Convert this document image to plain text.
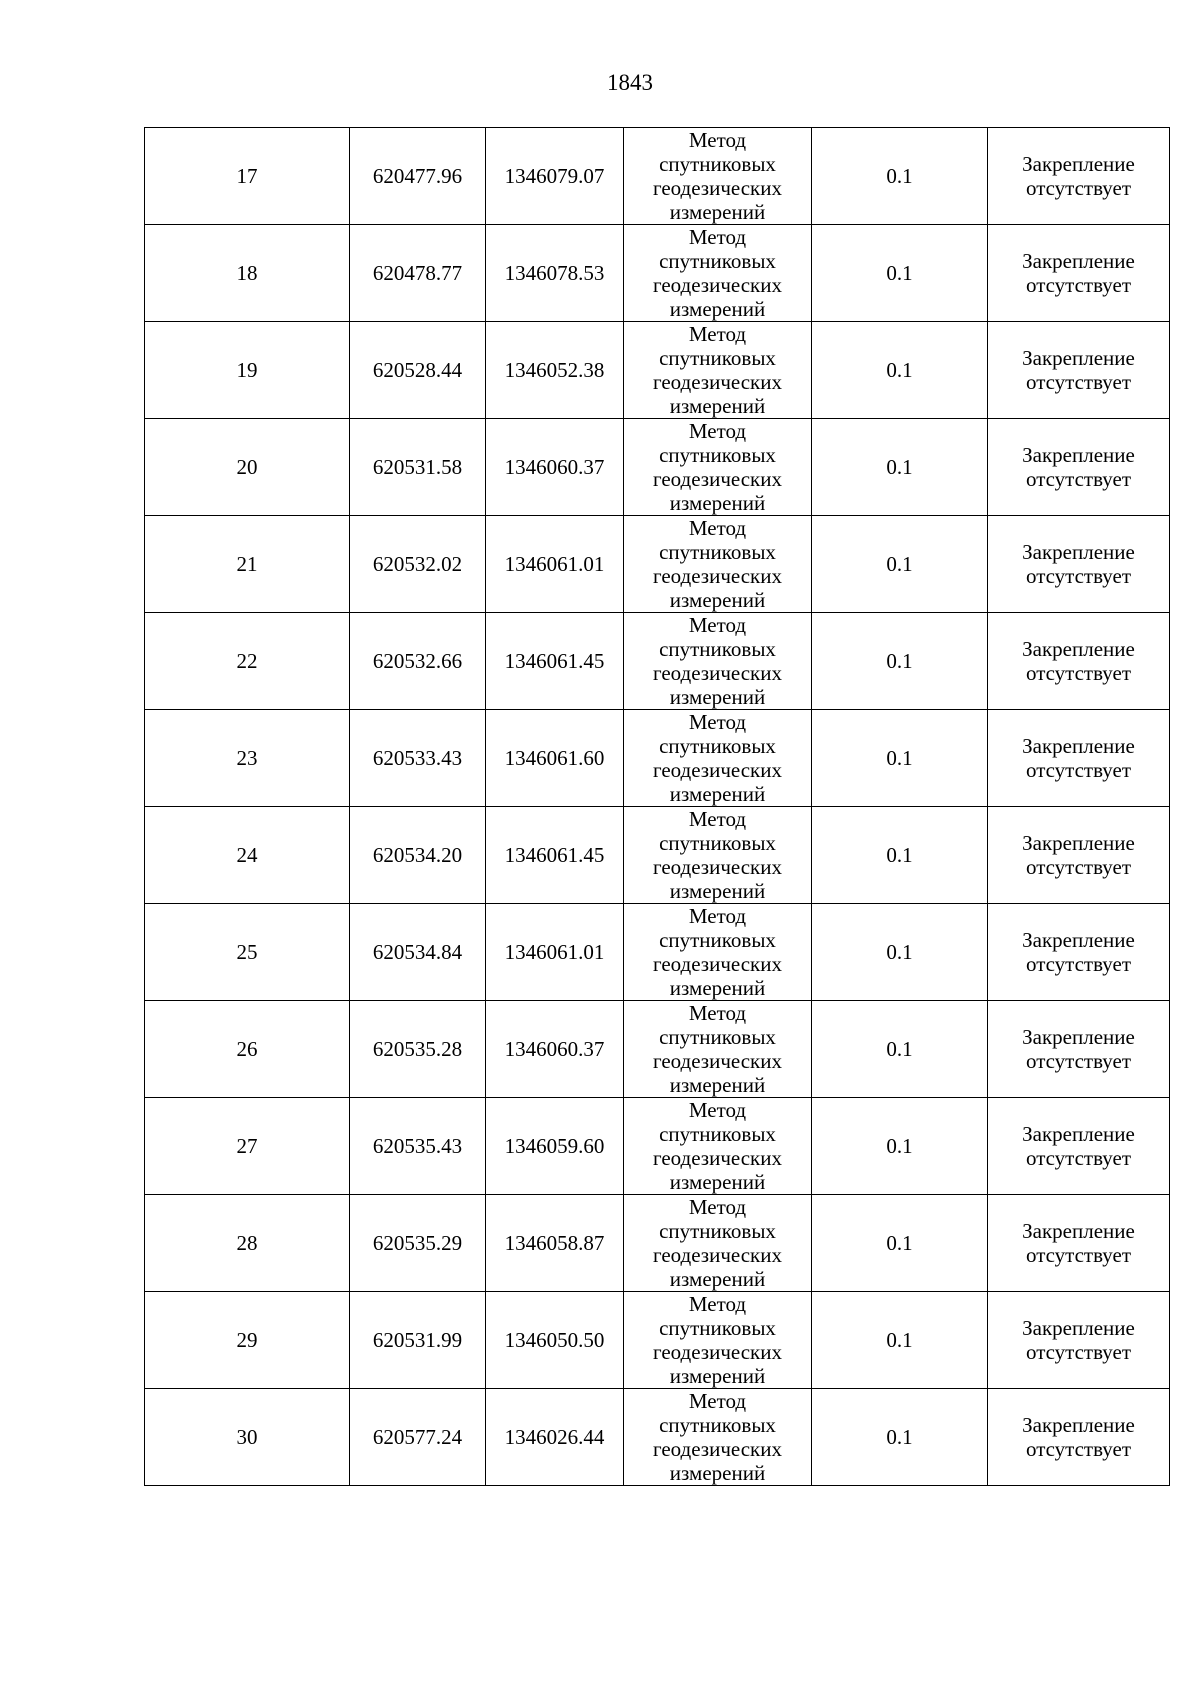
1843
17	620477.96	1346079.07	Метод
спутниковых
геодезических
измерений	0.1	Закрепление
отсутствует

18	620478.77	1346078.53	Метод
спутниковых
геодезических
измерений	0.1	Закрепление
отсутствует

19	620528.44	1346052.38	Метод
спутниковых
геодезических
измерений	0.1	Закрепление
отсутствует

20	620531.58	1346060.37	Метод
спутниковых
геодезических
измерений	0.1	Закрепление
отсутствует

21	620532.02	1346061.01	Метод
спутниковых
геодезических
измерений	0.1	Закрепление
отсутствует

22	620532.66	1346061.45	Метод
спутниковых
геодезических
измерений	0.1	Закрепление
отсутствует

23	620533.43	1346061.60	Метод
спутниковых
геодезических
измерений	0.1	Закрепление
отсутствует

24	620534.20	1346061.45	Метод
спутниковых
геодезических
измерений	0.1	Закрепление
отсутствует

25	620534.84	1346061.01	Метод
спутниковых
геодезических
измерений	0.1	Закрепление
отсутствует

26	620535.28	1346060.37	Метод
спутниковых
геодезических
измерений	0.1	Закрепление
отсутствует

27	620535.43	1346059.60	Метод
спутниковых
геодезических
измерений	0.1	Закрепление
отсутствует

28	620535.29	1346058.87	Метод
спутниковых
геодезических
измерений	0.1	Закрепление
отсутствует

29	620531.99	1346050.50	Метод
спутниковых
геодезических
измерений	0.1	Закрепление
отсутствует

30	620577.24	1346026.44	Метод
спутниковых
геодезических
измерений	0.1	Закрепление
отсутствует
